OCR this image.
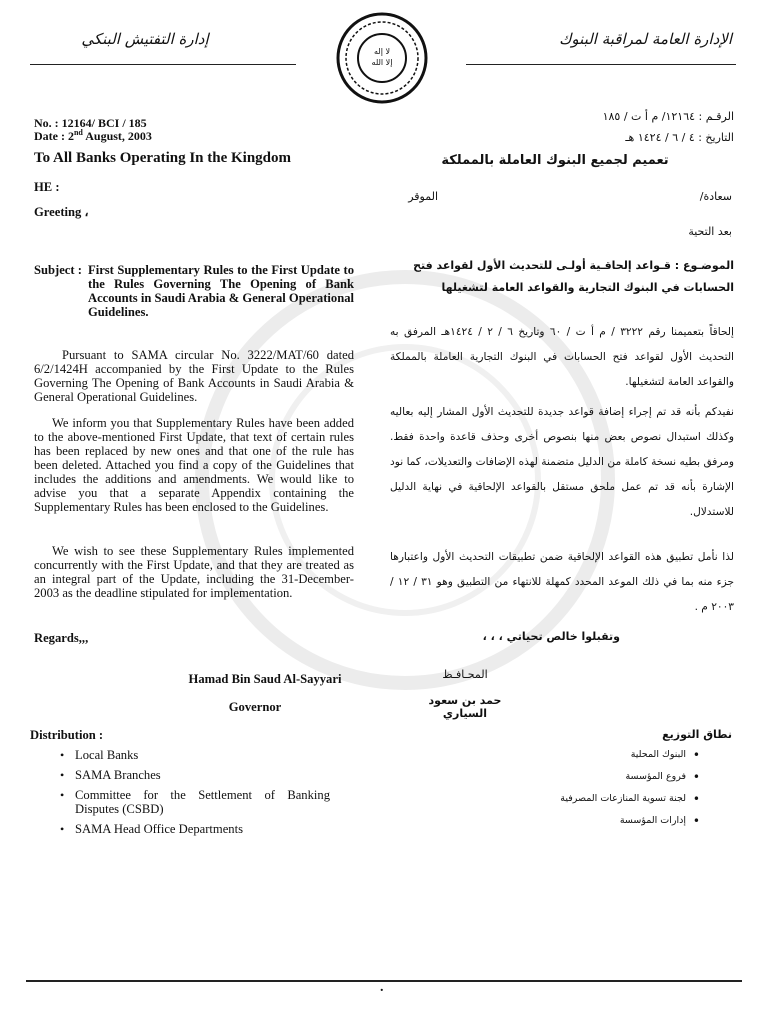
إدارة التفتيش البنكي
لا إله
إلا الله
الإدارة العامة لمراقبة البنوك
No. : 12164/ BCI / 185
Date : 2nd August, 2003
To All Banks Operating In the Kingdom
HE :
Greeting ،
Subject : First Supplementary Rules to the First Update to the Rules Governing The Opening of Bank Accounts in Saudi Arabia & General Operational Guidelines.
Pursuant to SAMA circular No. 3222/MAT/60 dated 6/2/1424H accompanied by the First Update to the Rules Governing The Opening of Bank Accounts in Saudi Arabia & General Operational Guidelines.
We inform you that Supplementary Rules have been added to the above-mentioned First Update, that text of certain rules has been replaced by new ones and that one of the rule has been deleted. Attached you find a copy of the Guidelines that includes the additions and amendments. We would like to advise you that a separate Appendix containing the Supplementary Rules has been enclosed to the Guidelines.
We wish to see these Supplementary Rules implemented concurrently with the First Update, and that they are treated as an integral part of the Update, including the 31-December-2003 as the deadline stipulated for implementation.
Regards,,,
Hamad Bin Saud Al-Sayyari
Governor
Distribution :
• Local Banks
• SAMA Branches
• Committee for the Settlement of Banking Disputes (CSBD)
• SAMA Head Office Departments
الرقـم : ١٢١٦٤/ م أ ت / ١٨٥
التاريخ : ٤ / ٦ / ١٤٢٤ هـ
تعميم لجميع البنوك العاملة بالمملكة
سعادة/
الموقر
بعد التحية
الموضـوع : قـواعد إلحاقـية أولـى للتحديث الأول لقواعد فتح الحسابات في البنوك التجارية والقواعد العامة لتشغيلها
إلحاقاً بتعميمنا رقم ٣٢٢٢ / م أ ت / ٦٠ وتاريخ ٦ / ٢ / ١٤٢٤هـ المرفق به التحديث الأول لقواعد فتح الحسابات في البنوك التجارية العاملة بالمملكة والقواعد العامة لتشغيلها.
نفيدكم بأنه قد تم إجراء إضافة قواعد جديدة للتحديث الأول المشار إليه بعاليه وكذلك استبدال نصوص بعض منها بنصوص أخرى وحذف قاعدة واحدة فقط. ومرفق بطيه نسخة كاملة من الدليل متضمنة لهذه الإضافات والتعديلات، كما نود الإشارة بأنه قد تم عمل ملحق مستقل بالقواعد الإلحاقية في نهاية الدليل للاستدلال.
لذا نأمل تطبيق هذه القواعد الإلحاقية ضمن تطبيقات التحديث الأول واعتبارها جزء منه بما في ذلك الموعد المحدد كمهلة للانتهاء من التطبيق وهو ٣١ / ١٢ / ٢٠٠٣ م .
وتقبلوا خالص تحياتي ، ، ،
المحـافـظ
حمد بن سعود السياري
نطاق التوزيع
•
البنوك المحلية
•
فروع المؤسسة
•
لجنة تسوية المنازعات المصرفية
•
إدارات المؤسسة
.
